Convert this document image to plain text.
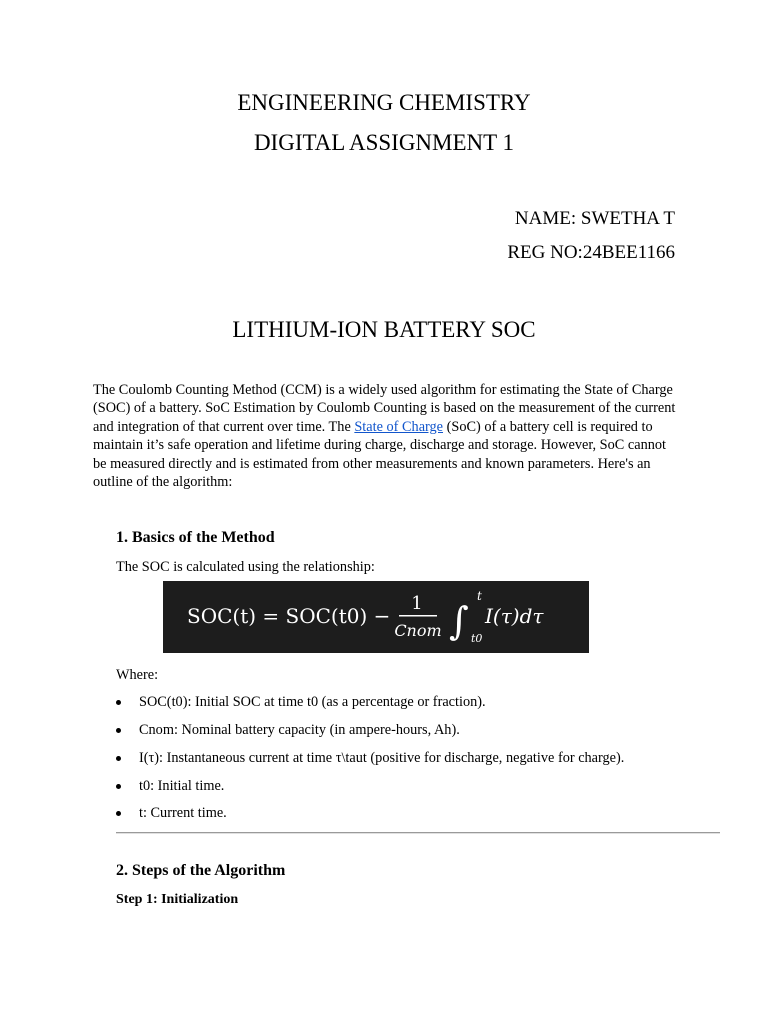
ENGINEERING CHEMISTRY
DIGITAL ASSIGNMENT 1
NAME: SWETHA T
REG NO:24BEE1166
LITHIUM-ION BATTERY SOC
The Coulomb Counting Method (CCM) is a widely used algorithm for estimating the State of Charge (SOC) of a battery. SoC Estimation by Coulomb Counting is based on the measurement of the current and integration of that current over time. The State of Charge (SoC) of a battery cell is required to maintain it’s safe operation and lifetime during charge, discharge and storage. However, SoC cannot be measured directly and is estimated from other measurements and known parameters. Here's an outline of the algorithm:
1. Basics of the Method
The SOC is calculated using the relationship:
SOC(t) = SOC(t0) −
1
Cnom ∫
t
t0
I(τ)dτ
Where:
SOC(t0): Initial SOC at time t0 (as a percentage or fraction).
Cnom: Nominal battery capacity (in ampere-hours, Ah).
I(τ): Instantaneous current at time τ\taut (positive for discharge, negative for charge).
t0: Initial time.
t: Current time.
2. Steps of the Algorithm
Step 1: Initialization
